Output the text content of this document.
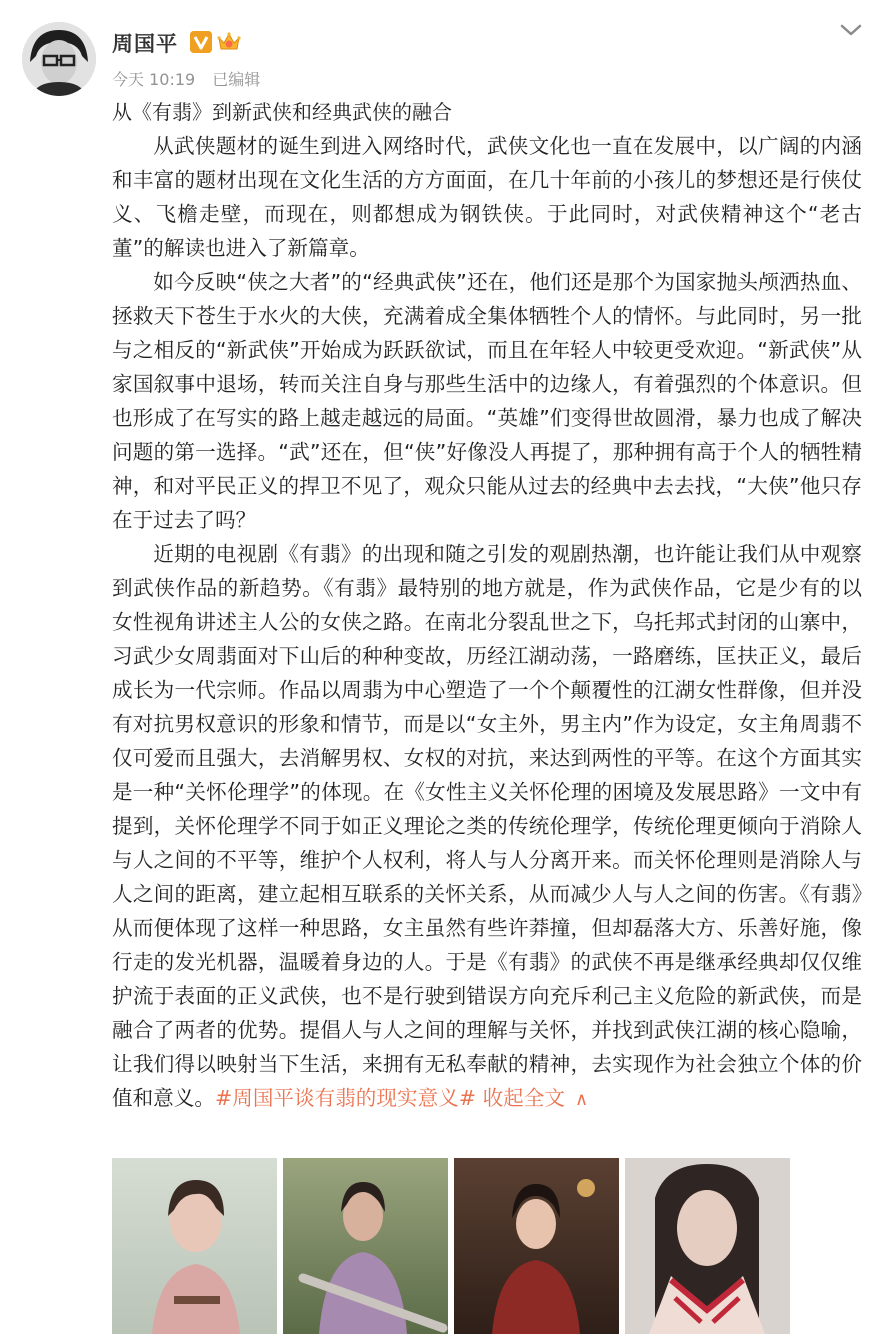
周国平
今天 10:19 已编辑
从《有翡》到新武侠和经典武侠的融合

从武侠题材的诞生到进入网络时代，武侠文化也一直在发展中，以广阔的内涵和丰富的题材出现在文化生活的方方面面，在几十年前的小孩儿的梦想还是行侠仗义、飞檐走壁，而现在，则都想成为钢铁侠。于此同时，对武侠精神这个“老古董”的解读也进入了新篇章。

如今反映“侠之大者”的“经典武侠”还在，他们还是那个为国家抛头颅洒热血、拯救天下苍生于水火的大侠，充满着成全集体牺牲个人的情怀。与此同时，另一批与之相反的“新武侠”开始成为跃跃欲试，而且在年轻人中较更受欢迎。“新武侠”从家国叙事中退场，转而关注自身与那些生活中的边缘人，有着强烈的个体意识。但也形成了在写实的路上越走越远的局面。“英雄”们变得世故圆滑，暴力也成了解决问题的第一选择。“武”还在，但“侠”好像没人再提了，那种拥有高于个人的牺牲精神，和对平民正义的捍卫不见了，观众只能从过去的经典中去去找，“大侠”他只存在于过去了吗？

近期的电视剧《有翡》的出现和随之引发的观剧热潮，也许能让我们从中观察到武侠作品的新趋势。《有翡》最特别的地方就是，作为武侠作品，它是少有的以女性视角讲述主人公的女侠之路。在南北分裂乱世之下，乌托邦式封闭的山寨中，习武少女周翡面对下山后的种种变故，历经江湖动荡，一路磨练，匡扶正义，最后成长为一代宗师。作品以周翡为中心塑造了一个个颠覆性的江湖女性群像，但并没有对抗男权意识的形象和情节，而是以“女主外，男主内”作为设定，女主角周翡不仅可爱而且强大，去消解男权、女权的对抗，来达到两性的平等。在这个方面其实是一种“关怀伦理学”的体现。在《女性主义关怀伦理的困境及发展思路》一文中有提到，关怀伦理学不同于如正义理论之类的传统伦理学，传统伦理更倾向于消除人与人之间的不平等，维护个人权利，将人与人分离开来。而关怀伦理则是消除人与人之间的距离，建立起相互联系的关怀关系，从而减少人与人之间的伤害。《有翡》从而便体现了这样一种思路，女主虽然有些许莽撞，但却磊落大方、乐善好施，像行走的发光机器，温暖着身边的人。于是《有翡》的武侠不再是继承经典却仅仅维护流于表面的正义武侠，也不是行驶到错误方向充斥利己主义危险的新武侠，而是融合了两者的优势。提倡人与人之间的理解与关怀，并找到武侠江湖的核心隐喻，让我们得以映射当下生活，来拥有无私奉献的精神，去实现作为社会独立个体的价值和意义。#周国平谈有翡的现实意义# 收起全文 ∧
